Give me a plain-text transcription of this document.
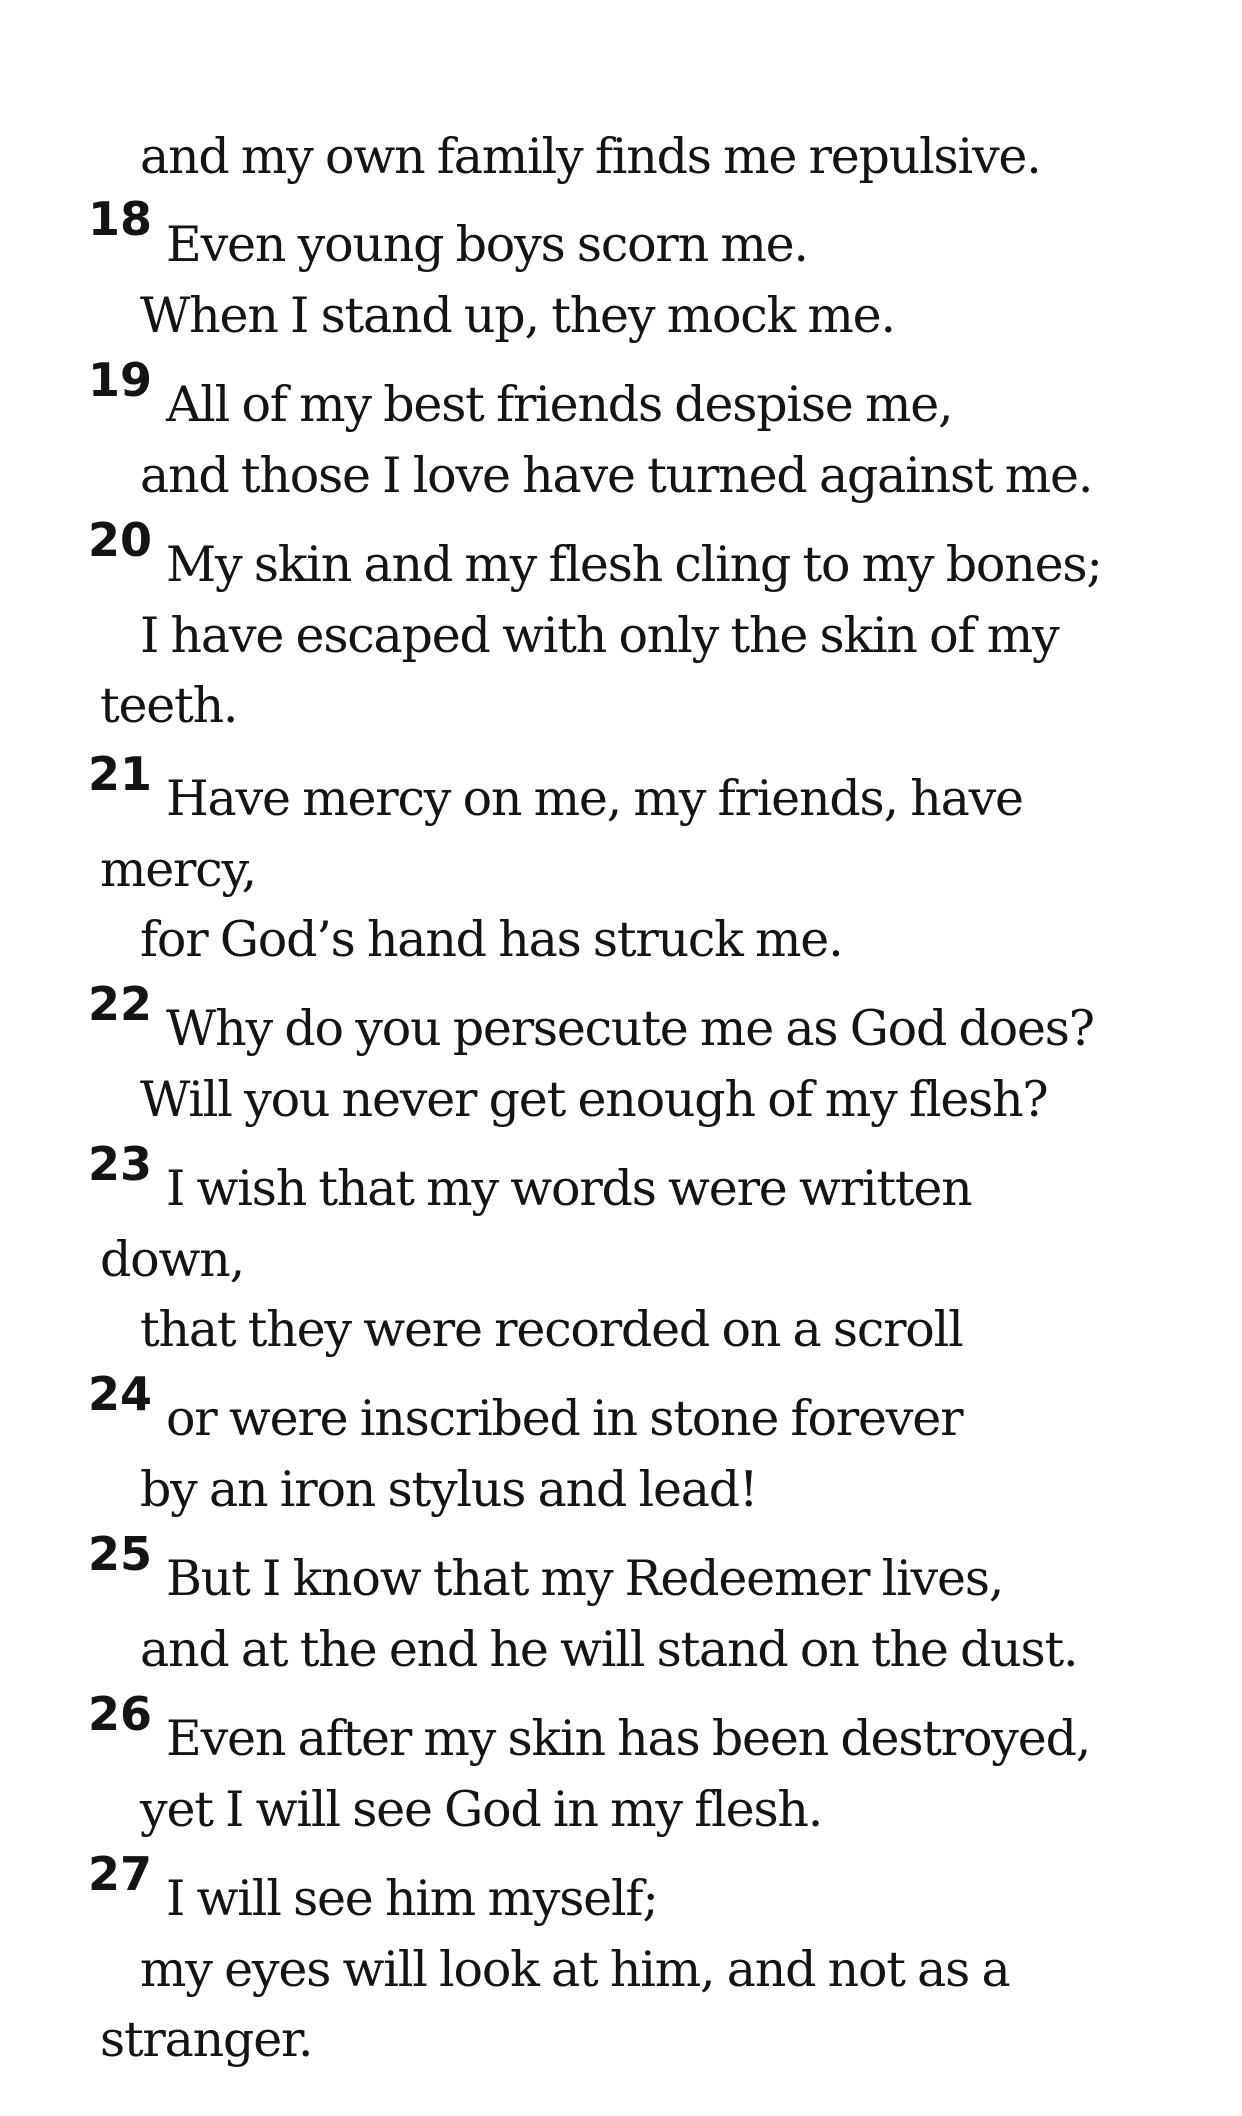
and my own family finds me repulsive.
18 Even young boys scorn me.
When I stand up, they mock me.
19 All of my best friends despise me,
and those I love have turned against me.
20 My skin and my flesh cling to my bones;
I have escaped with only the skin of my
teeth.
21 Have mercy on me, my friends, have
mercy,
for God’s hand has struck me.
22 Why do you persecute me as God does?
Will you never get enough of my flesh?
23 I wish that my words were written
down,
that they were recorded on a scroll
24 or were inscribed in stone forever
by an iron stylus and lead!
25 But I know that my Redeemer lives,
and at the end he will stand on the dust.
26 Even after my skin has been destroyed,
yet I will see God in my flesh.
27 I will see him myself;
my eyes will look at him, and not as a
stranger.
